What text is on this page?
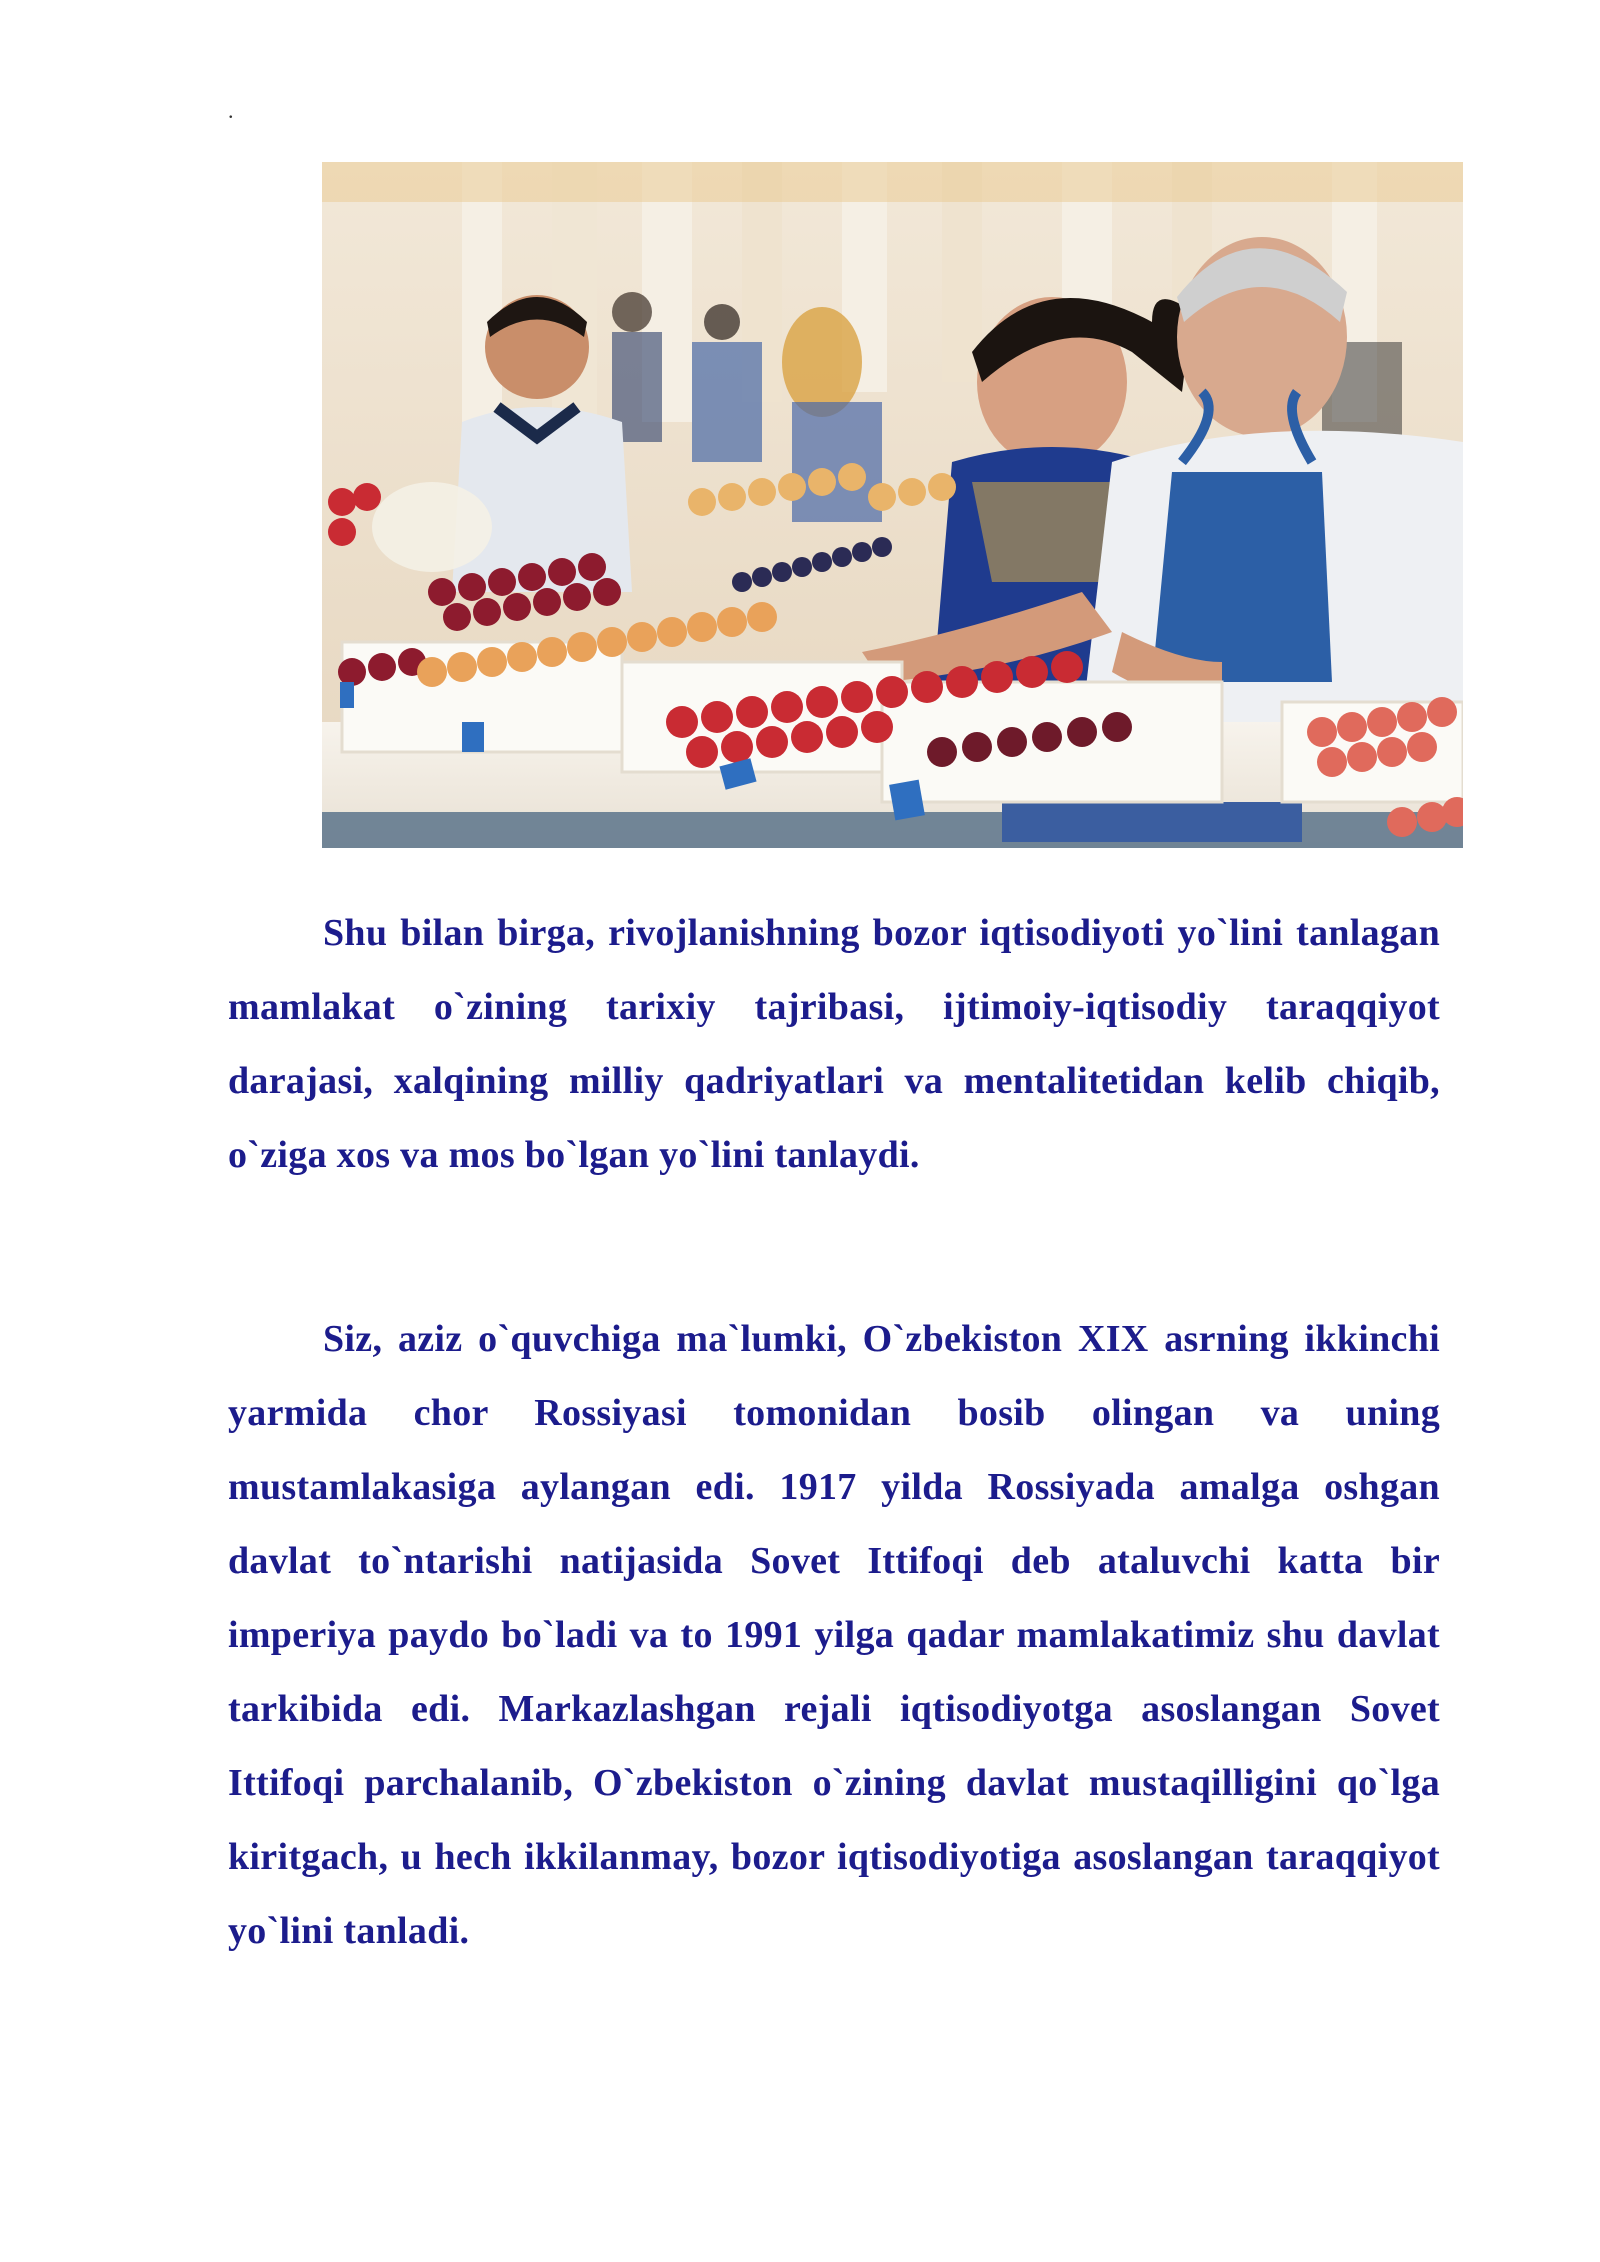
.

Shu bilan birga, rivojlanishning bozor iqtisodiyoti yo`lini tanlagan mamlakat o`zining tarixiy tajribasi, ijtimoiy-iqtisodiy taraqqiyot darajasi, xalqining milliy qadriyatlari va mentalitetidan kelib chiqib, o`ziga xos va mos bo`lgan yo`lini tanlaydi.

Siz, aziz o`quvchiga ma`lumki, O`zbekiston XIX asrning ikkinchi yarmida chor Rossiyasi tomonidan bosib olingan va uning mustamlakasiga aylangan edi. 1917 yilda Rossiyada amalga oshgan davlat to`ntarishi natijasida Sovet Ittifoqi deb ataluvchi katta bir imperiya paydo bo`ladi va to 1991 yilga qadar mamlakatimiz shu davlat tarkibida edi. Markazlashgan rejali iqtisodiyotga asoslangan Sovet Ittifoqi parchalanib, O`zbekiston o`zining davlat mustaqilligini qo`lga kiritgach, u hech ikkilanmay, bozor iqtisodiyotiga asoslangan taraqqiyot yo`lini tanladi.
